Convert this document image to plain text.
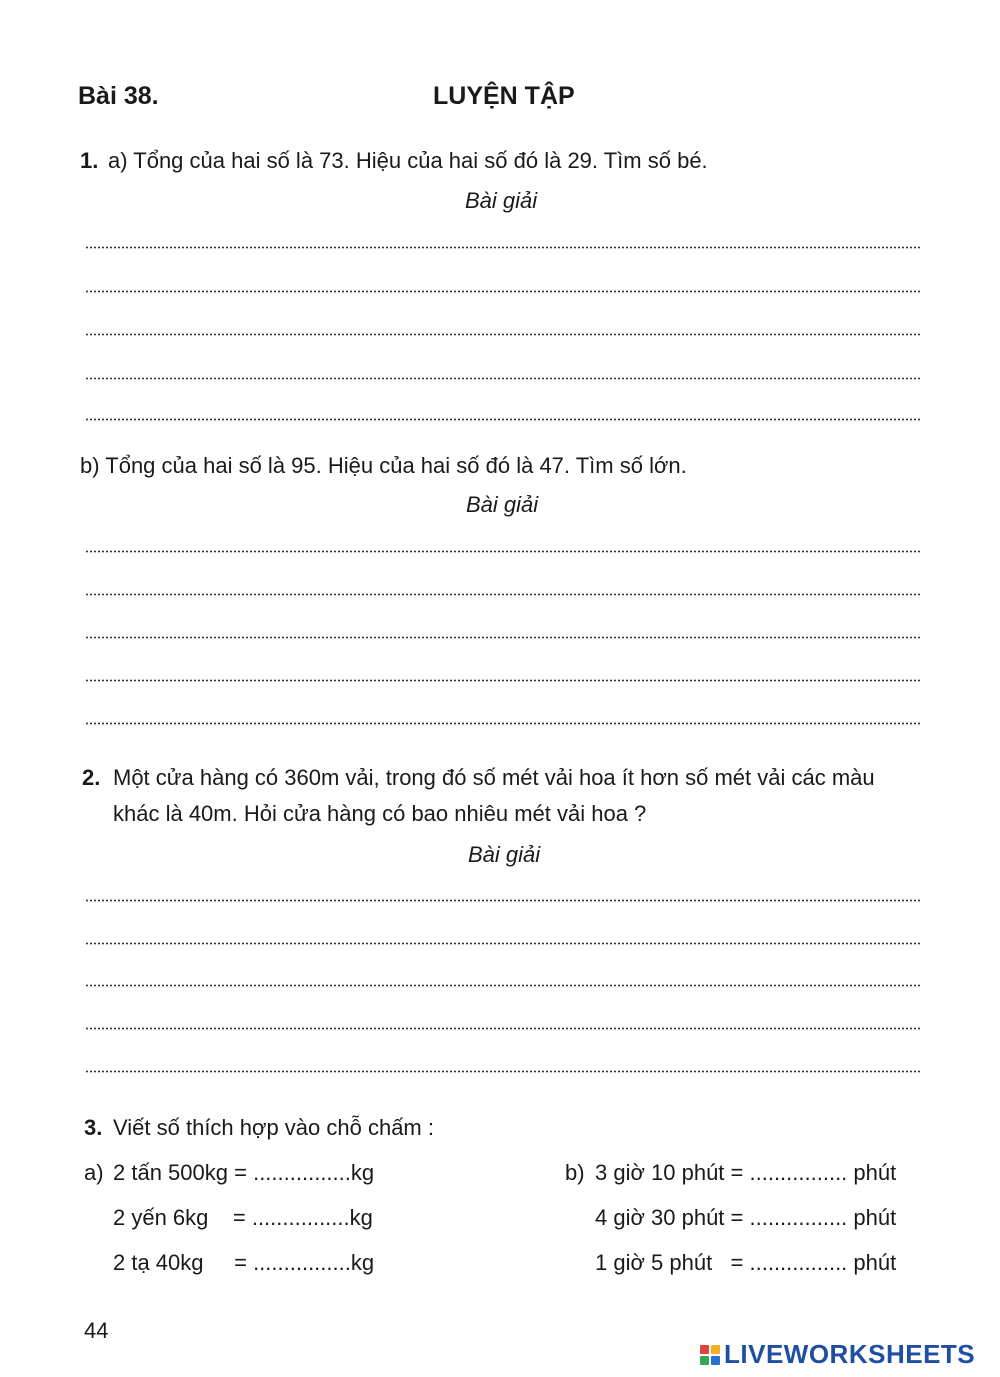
Bài 38.	LUYỆN TẬP
1. a) Tổng của hai số là 73. Hiệu của hai số đó là 29. Tìm số bé.
Bài giải
b) Tổng của hai số là 95. Hiệu của hai số đó là 47. Tìm số lớn.
Bài giải
2. Một cửa hàng có 360m vải, trong đó số mét vải hoa ít hơn số mét vải các màu
khác là 40m. Hỏi cửa hàng có bao nhiêu mét vải hoa ?
Bài giải
3. Viết số thích hợp vào chỗ chấm :
a)	b)
2 tấn 500kg = ................kg
2 yến 6kg    = ................kg
2 tạ 40kg     = ................kg
3 giờ 10 phút = ................ phút
4 giờ 30 phút = ................ phút
1 giờ 5 phút   = ................ phút
44
LIVEWORKSHEETS
